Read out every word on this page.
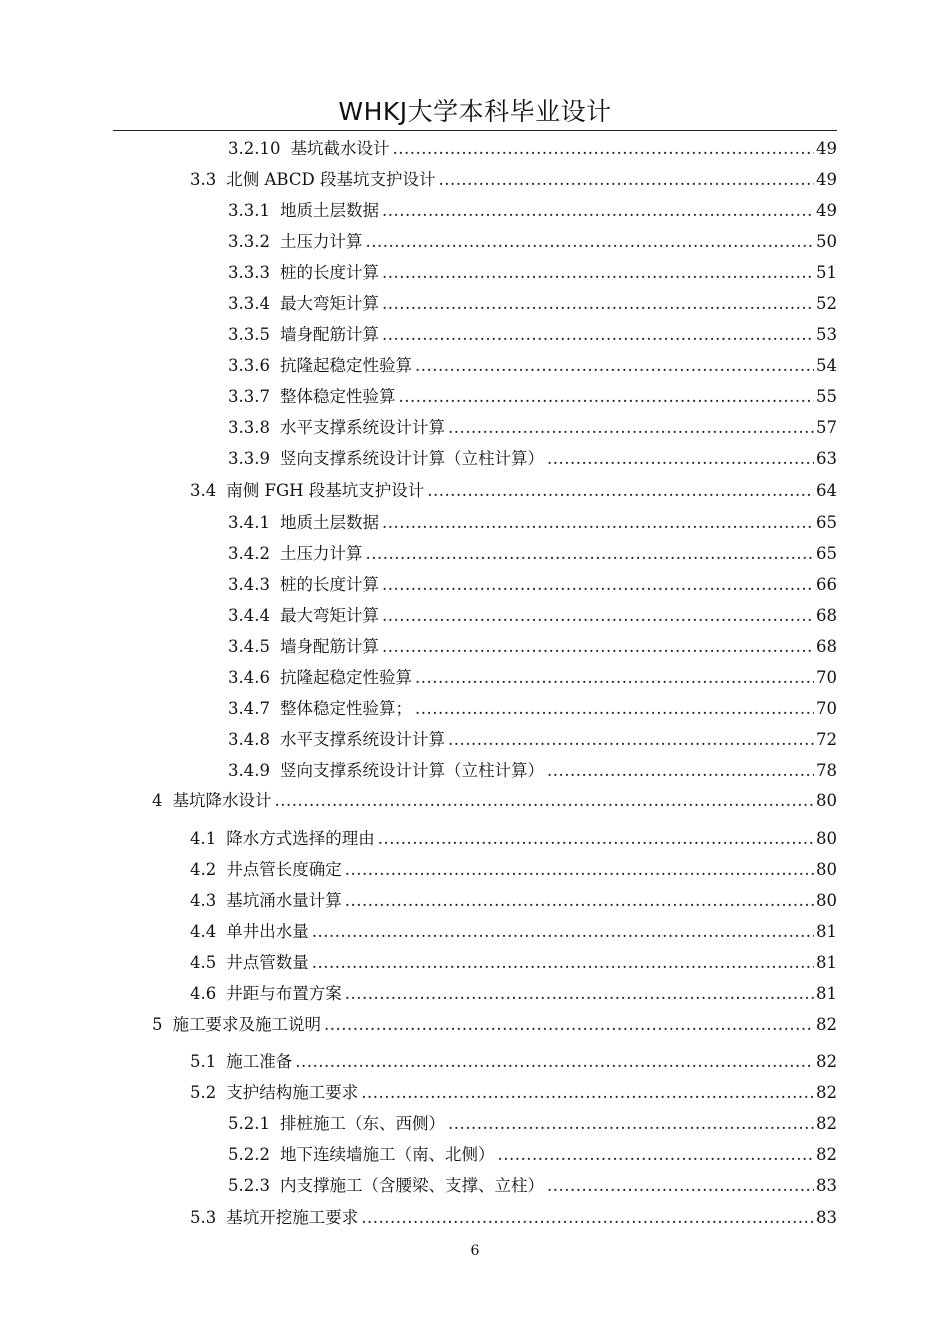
WHKJ大学本科毕业设计
3.2.10 基坑截水设计 .....	49
3.3 北侧 ABCD 段基坑支护设计 .....	49
3.3.1 地质土层数据 .....	49
3.3.2 土压力计算 .....	50
3.3.3 桩的长度计算 .....	51
3.3.4 最大弯矩计算 .....	52
3.3.5 墙身配筋计算 .....	53
3.3.6 抗隆起稳定性验算 .....	54
3.3.7 整体稳定性验算 .....	55
3.3.8 水平支撑系统设计计算 .....	57
3.3.9 竖向支撑系统设计计算（立柱计算） .....	63
3.4 南侧 FGH 段基坑支护设计 .....	64
3.4.1 地质土层数据 .....	65
3.4.2 土压力计算 .....	65
3.4.3 桩的长度计算 .....	66
3.4.4 最大弯矩计算 .....	68
3.4.5 墙身配筋计算 .....	68
3.4.6 抗隆起稳定性验算 .....	70
3.4.7 整体稳定性验算； .....	70
3.4.8 水平支撑系统设计计算 .....	72
3.4.9 竖向支撑系统设计计算（立柱计算） .....	78
4 基坑降水设计 .....	80
4.1 降水方式选择的理由 .....	80
4.2 井点管长度确定 .....	80
4.3 基坑涌水量计算 .....	80
4.4 单井出水量 .....	81
4.5 井点管数量 .....	81
4.6 井距与布置方案 .....	81
5 施工要求及施工说明 .....	82
5.1 施工准备 .....	82
5.2 支护结构施工要求 .....	82
5.2.1 排桩施工（东、西侧） .....	82
5.2.2 地下连续墙施工（南、北侧） .....	82
5.2.3 内支撑施工（含腰梁、支撑、立柱） .....	83
5.3 基坑开挖施工要求 .....	83
6
